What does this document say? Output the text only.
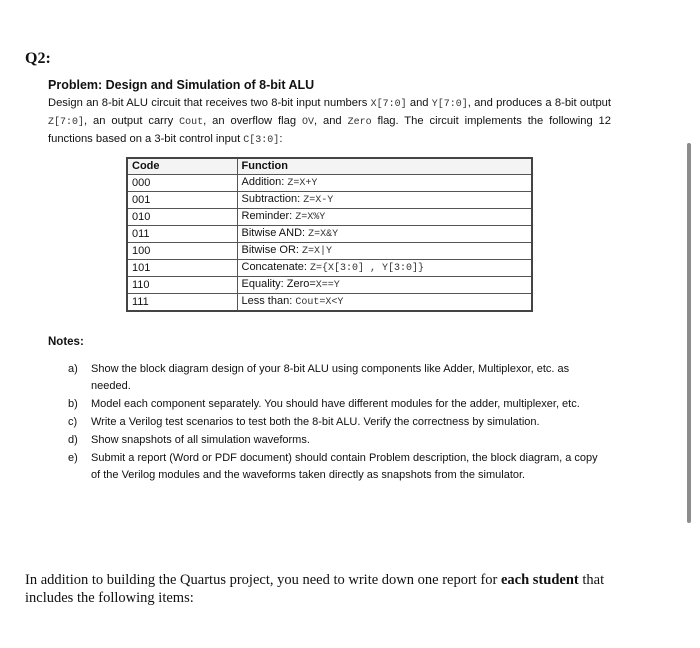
Q2:
Problem: Design and Simulation of 8-bit ALU
Design an 8-bit ALU circuit that receives two 8-bit input numbers X[7:0] and Y[7:0], and produces a 8-bit output Z[7:0], an output carry Cout, an overflow flag OV, and Zero flag. The circuit implements the following 12 functions based on a 3-bit control input C[3:0]:
Code	Function
000	Addition: Z=X+Y
001	Subtraction: Z=X-Y
010	Reminder: Z=X%Y
011	Bitwise AND: Z=X&Y
100	Bitwise OR: Z=X|Y
101	Concatenate: Z={X[3:0] , Y[3:0]}
110	Equality: Zero=X==Y
111	Less than: Cout=X<Y
Notes:
a) Show the block diagram design of your 8-bit ALU using components like Adder, Multiplexor, etc. as needed.
b) Model each component separately. You should have different modules for the adder, multiplexer, etc.
c) Write a Verilog test scenarios to test both the 8-bit ALU. Verify the correctness by simulation.
d) Show snapshots of all simulation waveforms.
e) Submit a report (Word or PDF document) should contain Problem description, the block diagram, a copy of the Verilog modules and the waveforms taken directly as snapshots from the simulator.
In addition to building the Quartus project, you need to write down one report for each student that includes the following items:
